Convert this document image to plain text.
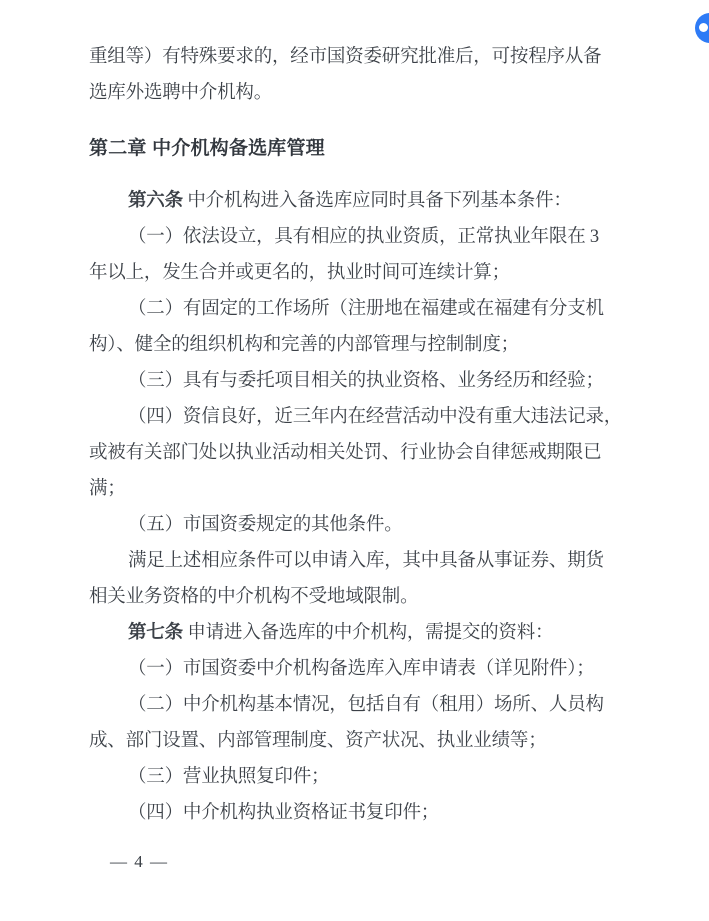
重组等）有特殊要求的，经市国资委研究批准后，可按程序从备
选库外选聘中介机构。
第二章 中介机构备选库管理
第六条 中介机构进入备选库应同时具备下列基本条件：
（一）依法设立，具有相应的执业资质，正常执业年限在 3
年以上，发生合并或更名的，执业时间可连续计算；
（二）有固定的工作场所（注册地在福建或在福建有分支机
构）、健全的组织机构和完善的内部管理与控制制度；
（三）具有与委托项目相关的执业资格、业务经历和经验；
（四）资信良好，近三年内在经营活动中没有重大违法记录，
或被有关部门处以执业活动相关处罚、行业协会自律惩戒期限已
满；
（五）市国资委规定的其他条件。
满足上述相应条件可以申请入库，其中具备从事证券、期货
相关业务资格的中介机构不受地域限制。
第七条 申请进入备选库的中介机构，需提交的资料：
（一）市国资委中介机构备选库入库申请表（详见附件）；
（二）中介机构基本情况，包括自有（租用）场所、人员构
成、部门设置、内部管理制度、资产状况、执业业绩等；
（三）营业执照复印件；
（四）中介机构执业资格证书复印件；
— 4 —
